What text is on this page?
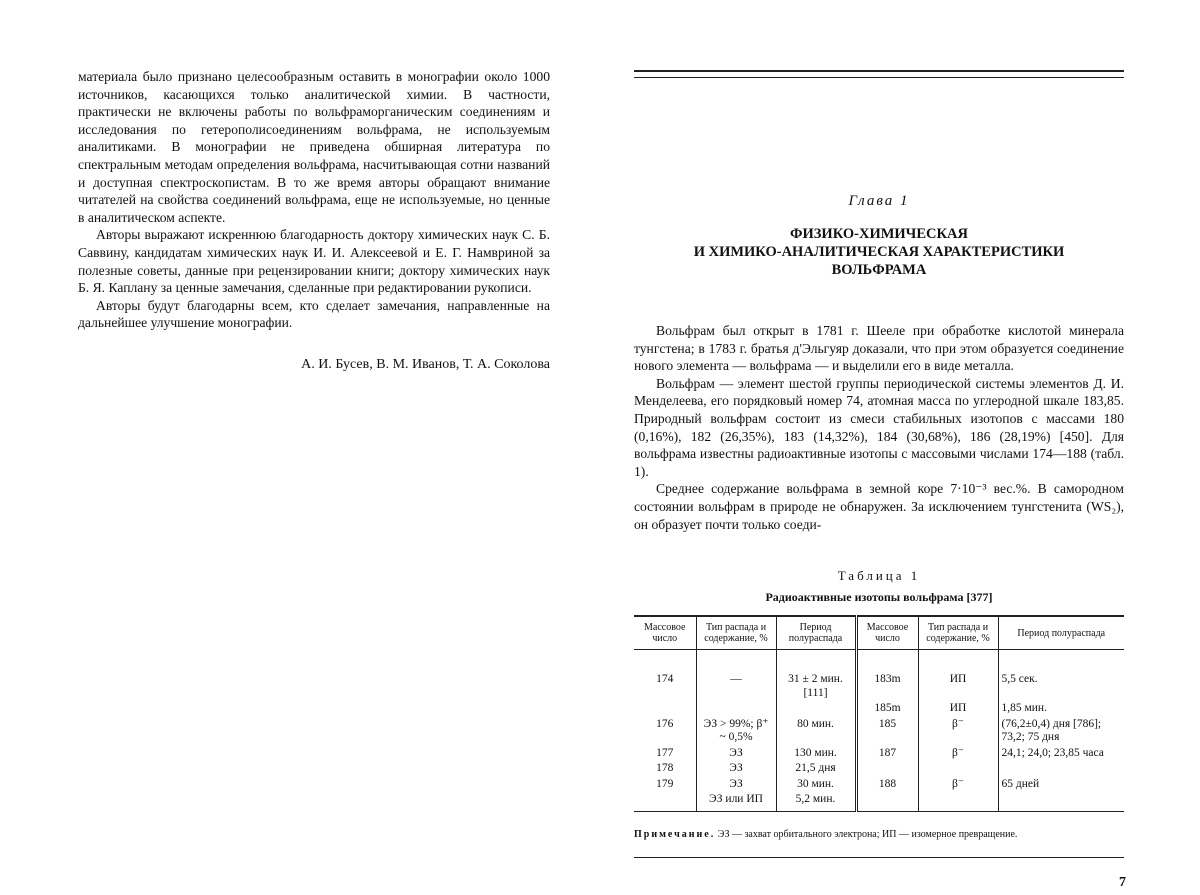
материала было признано целесообразным оставить в монографии около 1000 источников, касающихся только аналитической химии. В частности, практически не включены работы по вольфраморганическим соединениям и исследования по гетерополисоединениям вольфрама, не используемым аналитиками. В монографии не приведена обширная литература по спектральным методам определения вольфрама, насчитывающая сотни названий и доступная спектроскопистам. В то же время авторы обращают внимание читателей на свойства соединений вольфрама, еще не используемые, но ценные в аналитическом аспекте.

Авторы выражают искреннюю благодарность доктору химических наук С. Б. Саввину, кандидатам химических наук И. И. Алексеевой и Е. Г. Намвриной за полезные советы, данные при рецензировании книги; доктору химических наук Б. Я. Каплану за ценные замечания, сделанные при редактировании рукописи.

Авторы будут благодарны всем, кто сделает замечания, направленные на дальнейшее улучшение монографии.

А. И. Бусев, В. М. Иванов, Т. А. Соколова
Глава 1
ФИЗИКО-ХИМИЧЕСКАЯ
И ХИМИКО-АНАЛИТИЧЕСКАЯ ХАРАКТЕРИСТИКИ
ВОЛЬФРАМА

Вольфрам был открыт в 1781 г. Шееле при обработке кислотой минерала тунгстена; в 1783 г. братья д'Эльгуяр доказали, что при этом образуется соединение нового элемента — вольфрама — и выделили его в виде металла.

Вольфрам — элемент шестой группы периодической системы элементов Д. И. Менделеева, его порядковый номер 74, атомная масса по углеродной шкале 183,85. Природный вольфрам состоит из смеси стабильных изотопов с массами 180 (0,16%), 182 (26,35%), 183 (14,32%), 184 (30,68%), 186 (28,19%) [450]. Для вольфрама известны радиоактивные изотопы с массовыми числами 174—188 (табл. 1).

Среднее содержание вольфрама в земной коре 7·10⁻³ вес.%. В самородном состоянии вольфрам в природе не обнаружен. За исключением тунгстенита (WS₂), он образует почти только соеди-

Таблица 1
Радиоактивные изотопы вольфрама [377]
Массовое число	Тип распада и содержание, %	Период полураспада	Массовое число	Тип распада и содержание, %	Период полураспада

174	—	31 ± 2 мин. [111]	183m	ИП	5,5 сек.
			185m	ИП	1,85 мин.
176	ЭЗ > 99%; β⁺ ~ 0,5%	80 мин.	185	β⁻	(76,2±0,4) дня [786]; 73,2; 75 дня
177	ЭЗ	130 мин.	187	β⁻	24,1; 24,0; 23,85 часа
178	ЭЗ	21,5 дня			
179	ЭЗ	30 мин.	188	β⁻	65 дней
	ЭЗ или ИП	5,2 мин.			
Примечание. ЭЗ — захват орбитального электрона; ИП — изомерное превращение.
7
